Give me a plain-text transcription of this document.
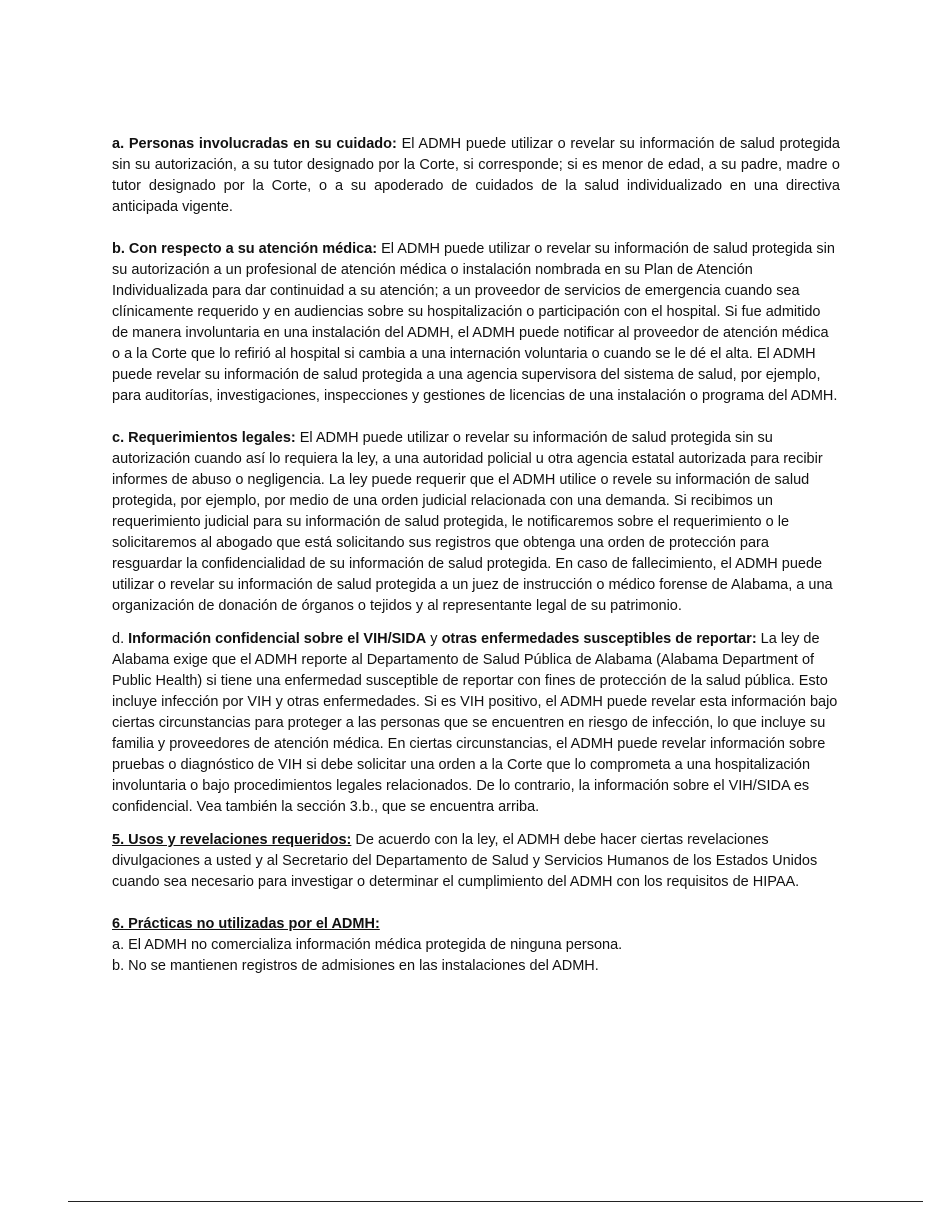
a. Personas involucradas en su cuidado: El ADMH puede utilizar o revelar su información de salud protegida sin su autorización, a su tutor designado por la Corte, si corresponde; si es menor de edad, a su padre, madre o tutor designado por la Corte, o a su apoderado de cuidados de la salud individualizado en una directiva anticipada vigente.

b. Con respecto a su atención médica: El ADMH puede utilizar o revelar su información de salud protegida sin su autorización a un profesional de atención médica o instalación nombrada en su Plan de Atención Individualizada para dar continuidad a su atención; a un proveedor de servicios de emergencia cuando sea clínicamente requerido y en audiencias sobre su hospitalización o participación con el hospital. Si fue admitido de manera involuntaria en una instalación del ADMH, el ADMH puede notificar al proveedor de atención médica o a la Corte que lo refirió al hospital si cambia a una internación voluntaria o cuando se le dé el alta. El ADMH puede revelar su información de salud protegida a una agencia supervisora del sistema de salud, por ejemplo, para auditorías, investigaciones, inspecciones y gestiones de licencias de una instalación o programa del ADMH.

c. Requerimientos legales: El ADMH puede utilizar o revelar su información de salud protegida sin su autorización cuando así lo requiera la ley, a una autoridad policial u otra agencia estatal autorizada para recibir informes de abuso o negligencia. La ley puede requerir que el ADMH utilice o revele su información de salud protegida, por ejemplo, por medio de una orden judicial relacionada con una demanda. Si recibimos un requerimiento judicial para su información de salud protegida, le notificaremos sobre el requerimiento o le solicitaremos al abogado que está solicitando sus registros que obtenga una orden de protección para resguardar la confidencialidad de su información de salud protegida. En caso de fallecimiento, el ADMH puede utilizar o revelar su información de salud protegida a un juez de instrucción o médico forense de Alabama, a una organización de donación de órganos o tejidos y al representante legal de su patrimonio.

d. Información confidencial sobre el VIH/SIDA y otras enfermedades susceptibles de reportar: La ley de Alabama exige que el ADMH reporte al Departamento de Salud Pública de Alabama (Alabama Department of Public Health) si tiene una enfermedad susceptible de reportar con fines de protección de la salud pública. Esto incluye infección por VIH y otras enfermedades. Si es VIH positivo, el ADMH puede revelar esta información bajo ciertas circunstancias para proteger a las personas que se encuentren en riesgo de infección, lo que incluye su familia y proveedores de atención médica. En ciertas circunstancias, el ADMH puede revelar información sobre pruebas o diagnóstico de VIH si debe solicitar una orden a la Corte que lo comprometa a una hospitalización involuntaria o bajo procedimientos legales relacionados. De lo contrario, la información sobre el VIH/SIDA es confidencial. Vea también la sección 3.b., que se encuentra arriba.

5. Usos y revelaciones requeridos: De acuerdo con la ley, el ADMH debe hacer ciertas revelaciones divulgaciones a usted y al Secretario del Departamento de Salud y Servicios Humanos de los Estados Unidos cuando sea necesario para investigar o determinar el cumplimiento del ADMH con los requisitos de HIPAA.

6. Prácticas no utilizadas por el ADMH:
a. El ADMH no comercializa información médica protegida de ninguna persona.
b. No se mantienen registros de admisiones en las instalaciones del ADMH.
